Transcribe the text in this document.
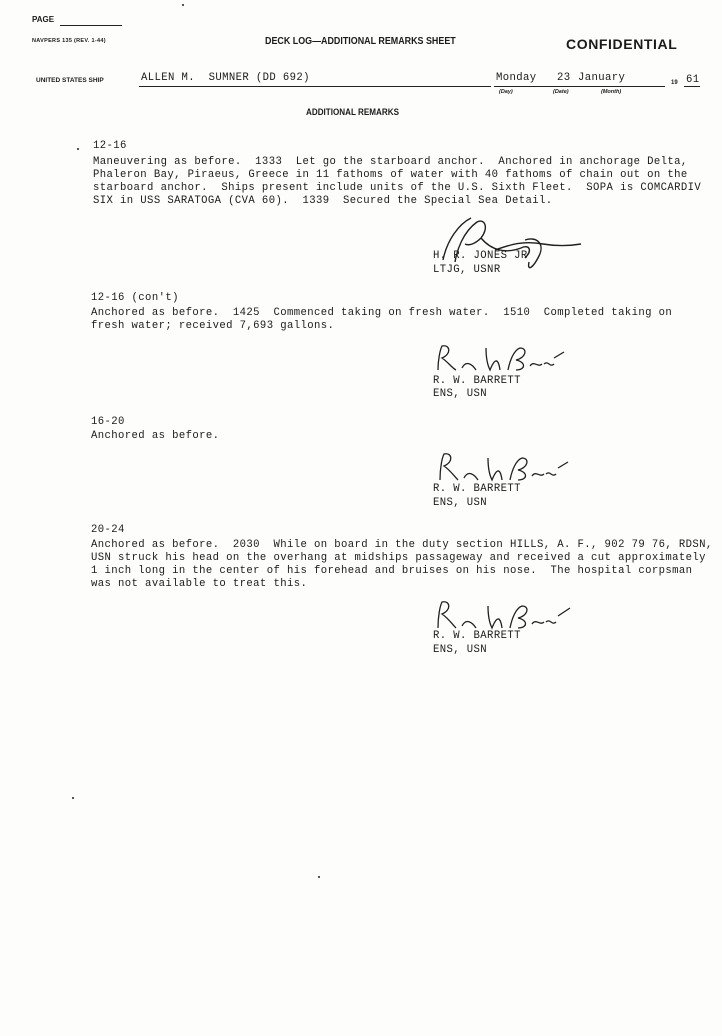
PAGE
NAVPERS 135 (REV. 1-44)	DECK LOG—ADDITIONAL REMARKS SHEET	CONFIDENTIAL
UNITED STATES SHIP	ALLEN M.  SUMNER (DD 692)	Monday 23 January	19 61
(Day)	(Date)	(Month)
ADDITIONAL REMARKS
12-16
Maneuvering as before.  1333  Let go the starboard anchor.  Anchored in anchorage Delta,
Phaleron Bay, Piraeus, Greece in 11 fathoms of water with 40 fathoms of chain out on the
starboard anchor.  Ships present include units of the U.S. Sixth Fleet.  SOPA is COMCARDIV
SIX in USS SARATOGA (CVA 60).  1339  Secured the Special Sea Detail.
H. R. JONES JR
LTJG, USNR
12-16 (con't)
Anchored as before.  1425  Commenced taking on fresh water.  1510  Completed taking on
fresh water; received 7,693 gallons.
R. W. BARRETT
ENS, USN
16-20
Anchored as before.
R. W. BARRETT
ENS, USN
20-24
Anchored as before.  2030  While on board in the duty section HILLS, A. F., 902 79 76, RDSN,
USN struck his head on the overhang at midships passageway and received a cut approximately
1 inch long in the center of his forehead and bruises on his nose.  The hospital corpsman
was not available to treat this.
R. W. BARRETT
ENS, USN
